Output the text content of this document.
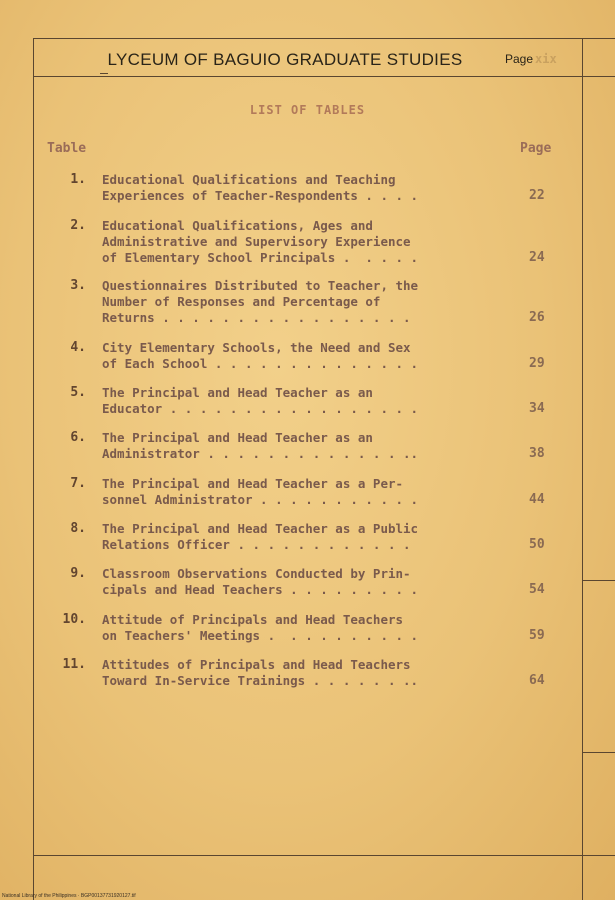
LYCEUM OF BAGUIO GRADUATE STUDIES	Page xix
LIST OF TABLES
Table	Page
1. Educational Qualifications and Teaching
Experiences of Teacher-Respondents . . . .	22
2. Educational Qualifications, Ages and
Administrative and Supervisory Experience
of Elementary School Principals .  . . . .	24
3. Questionnaires Distributed to Teacher, the
Number of Responses and Percentage of
Returns . . . . . . . . . . . . . . . . .	26
4. City Elementary Schools, the Need and Sex
of Each School . . . . . . . . . . . . . .	29
5. The Principal and Head Teacher as an
Educator . . . . . . . . . . . . . . . . .	34
6. The Principal and Head Teacher as an
Administrator . . . . . . . . . . . . . ..	38
7. The Principal and Head Teacher as a Per-
sonnel Administrator . . . . . . . . . . .	44
8. The Principal and Head Teacher as a Public
Relations Officer . . . . . . . . . . . .	50
9. Classroom Observations Conducted by Prin-
cipals and Head Teachers . . . . . . . . .	54
10. Attitude of Principals and Head Teachers
on Teachers' Meetings .  . . . . . . . . .	59
11. Attitudes of Principals and Head Teachers
Toward In-Service Trainings . . . . . . ..	64
National Library of the Philippines · BGP00137731920127.tif
